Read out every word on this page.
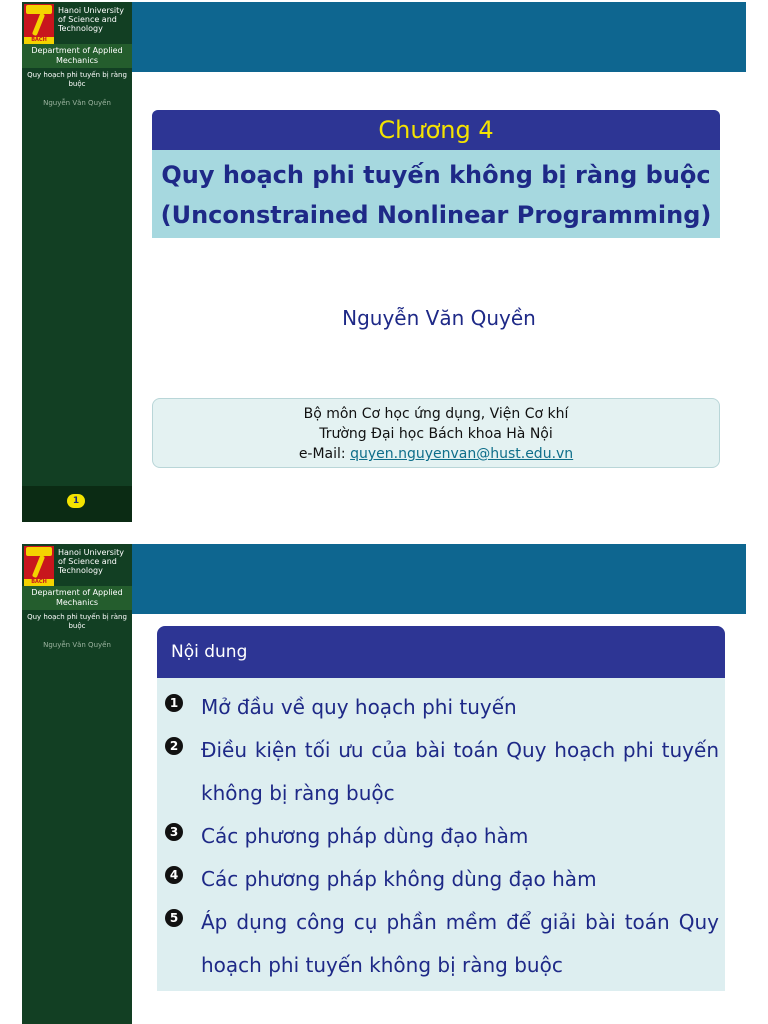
BÁCH
Hanoi University of Science and Technology
Department of Applied Mechanics
Quy hoạch phi tuyến bị ràng buộc
Nguyễn Văn Quyền
1
Chương 4
Quy hoạch phi tuyến không bị ràng buộc
(Unconstrained Nonlinear Programming)
Nguyễn Văn Quyền
Bộ môn Cơ học ứng dụng, Viện Cơ khí
Trường Đại học Bách khoa Hà Nội
e-Mail: quyen.nguyenvan@hust.edu.vn
BÁCH
Hanoi University of Science and Technology
Department of Applied Mechanics
Quy hoạch phi tuyến bị ràng buộc
Nguyễn Văn Quyền	Nội dung
1 Mở đầu về quy hoạch phi tuyến
2 Điều kiện tối ưu của bài toán Quy hoạch phi tuyến không bị ràng buộc
3 Các phương pháp dùng đạo hàm
4 Các phương pháp không dùng đạo hàm
5 Áp dụng công cụ phần mềm để giải bài toán Quy hoạch phi tuyến không bị ràng buộc
